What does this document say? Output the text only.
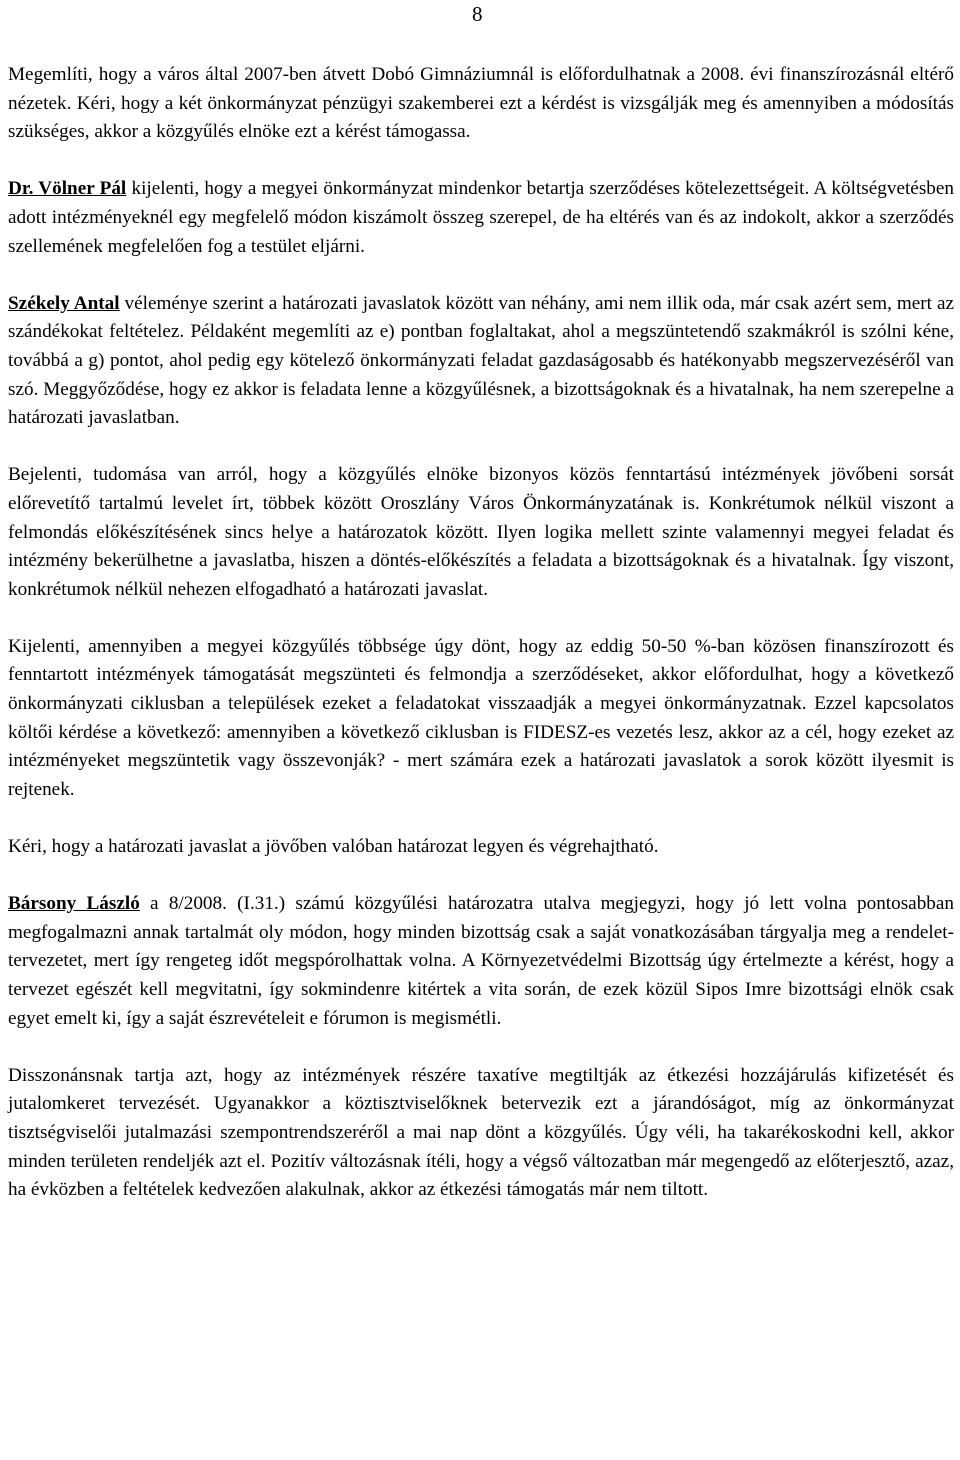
8

Megemlíti, hogy a város által 2007-ben átvett Dobó Gimnáziumnál is előfordulhatnak a 2008. évi finanszírozásnál eltérő nézetek. Kéri, hogy a két önkormányzat pénzügyi szakemberei ezt a kérdést is vizsgálják meg és amennyiben a módosítás szükséges, akkor a közgyűlés elnöke ezt a kérést támogassa.

Dr. Völner Pál kijelenti, hogy a megyei önkormányzat mindenkor betartja szerződéses kötelezettségeit. A költségvetésben adott intézményeknél egy megfelelő módon kiszámolt összeg szerepel, de ha eltérés van és az indokolt, akkor a szerződés szellemének megfelelően fog a testület eljárni.

Székely Antal véleménye szerint a határozati javaslatok között van néhány, ami nem illik oda, már csak azért sem, mert az szándékokat feltételez. Példaként megemlíti az e) pontban foglaltakat, ahol a megszüntetendő szakmákról is szólni kéne, továbbá a g) pontot, ahol pedig egy kötelező önkormányzati feladat gazdaságosabb és hatékonyabb megszervezéséről van szó. Meggyőződése, hogy ez akkor is feladata lenne a közgyűlésnek, a bizottságoknak és a hivatalnak, ha nem szerepelne a határozati javaslatban.

Bejelenti, tudomása van arról, hogy a közgyűlés elnöke bizonyos közös fenntartású intézmények jövőbeni sorsát előrevetítő tartalmú levelet írt, többek között Oroszlány Város Önkormányzatának is. Konkrétumok nélkül viszont a felmondás előkészítésének sincs helye a határozatok között. Ilyen logika mellett szinte valamennyi megyei feladat és intézmény bekerülhetne a javaslatba, hiszen a döntés-előkészítés a feladata a bizottságoknak és a hivatalnak. Így viszont, konkrétumok nélkül nehezen elfogadható a határozati javaslat.

Kijelenti, amennyiben a megyei közgyűlés többsége úgy dönt, hogy az eddig 50-50 %-ban közösen finanszírozott és fenntartott intézmények támogatását megszünteti és felmondja a szerződéseket, akkor előfordulhat, hogy a következő önkormányzati ciklusban a települések ezeket a feladatokat visszaadják a megyei önkormányzatnak. Ezzel kapcsolatos költői kérdése a következő: amennyiben a következő ciklusban is FIDESZ-es vezetés lesz, akkor az a cél, hogy ezeket az intézményeket megszüntetik vagy összevonják? - mert számára ezek a határozati javaslatok a sorok között ilyesmit is rejtenek.

Kéri, hogy a határozati javaslat a jövőben valóban határozat legyen és végrehajtható.

Bársony László a 8/2008. (I.31.) számú közgyűlési határozatra utalva megjegyzi, hogy jó lett volna pontosabban megfogalmazni annak tartalmát oly módon, hogy minden bizottság csak a saját vonatkozásában tárgyalja meg a rendelet-tervezetet, mert így rengeteg időt megspórolhattak volna. A Környezetvédelmi Bizottság úgy értelmezte a kérést, hogy a tervezet egészét kell megvitatni, így sokmindenre kitértek a vita során, de ezek közül Sipos Imre bizottsági elnök csak egyet emelt ki, így a saját észrevételeit e fórumon is megismétli.

Disszonánsnak tartja azt, hogy az intézmények részére taxatíve megtiltják az étkezési hozzájárulás kifizetését és jutalomkeret tervezését. Ugyanakkor a köztisztviselőknek betervezik ezt a járandóságot, míg az önkormányzat tisztségviselői jutalmazási szempontrendszeréről a mai nap dönt a közgyűlés. Úgy véli, ha takarékoskodni kell, akkor minden területen rendeljék azt el. Pozitív változásnak ítéli, hogy a végső változatban már megengedő az előterjesztő, azaz, ha évközben a feltételek kedvezően alakulnak, akkor az étkezési támogatás már nem tiltott.
